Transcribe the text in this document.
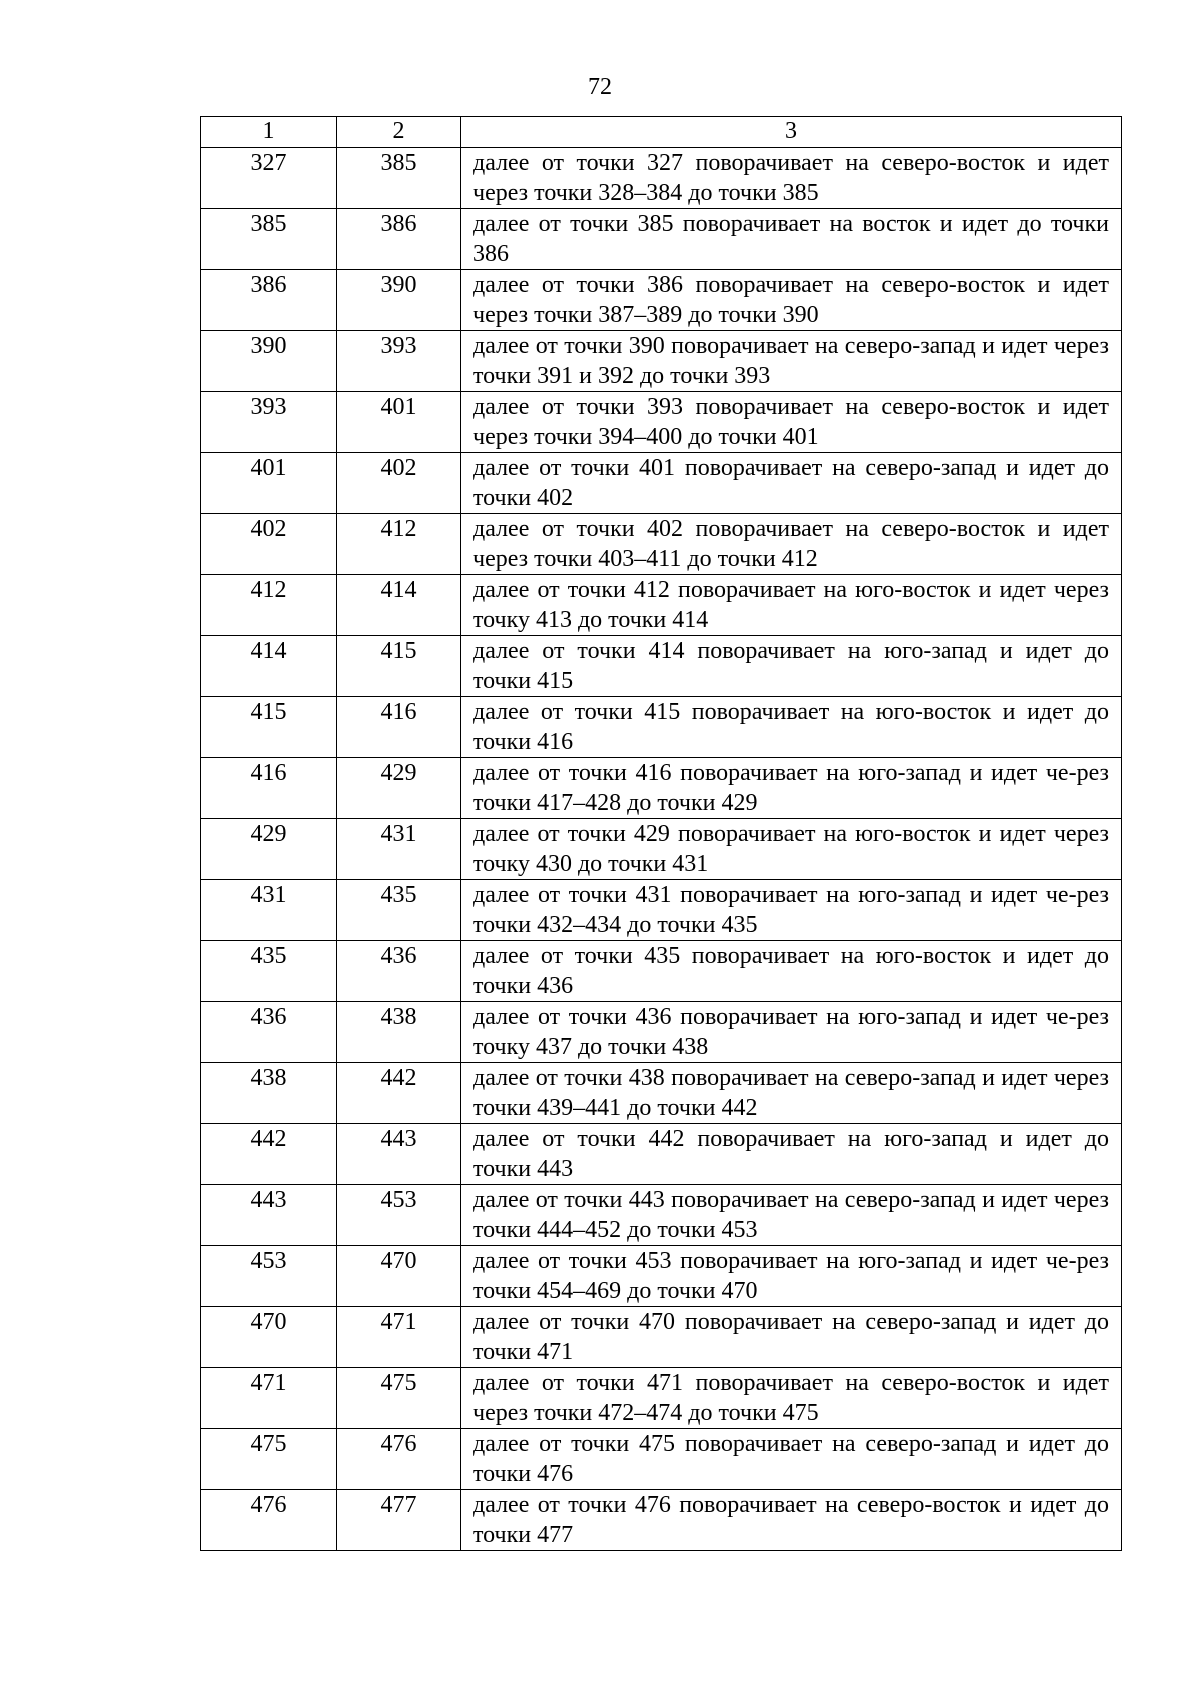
72
1	2	3
327	385	далее от точки 327 поворачивает на северо-восток и идет через точки 328–384 до точки 385
385	386	далее от точки 385 поворачивает на восток и идет до точки 386
386	390	далее от точки 386 поворачивает на северо-восток и идет через точки 387–389 до точки 390
390	393	далее от точки 390 поворачивает на северо-запад и идет через точки 391 и 392 до точки 393
393	401	далее от точки 393 поворачивает на северо-восток и идет через точки 394–400 до точки 401
401	402	далее от точки 401 поворачивает на северо-запад и идет до точки 402
402	412	далее от точки 402 поворачивает на северо-восток и идет через точки 403–411 до точки 412
412	414	далее от точки 412 поворачивает на юго-восток и идет через точку 413 до точки 414
414	415	далее от точки 414 поворачивает на юго-запад и идет до точки 415
415	416	далее от точки 415 поворачивает на юго-восток и идет до точки 416
416	429	далее от точки 416 поворачивает на юго-запад и идет че-рез точки 417–428 до точки 429
429	431	далее от точки 429 поворачивает на юго-восток и идет через точку 430 до точки 431
431	435	далее от точки 431 поворачивает на юго-запад и идет че-рез точки 432–434 до точки 435
435	436	далее от точки 435 поворачивает на юго-восток и идет до точки 436
436	438	далее от точки 436 поворачивает на юго-запад и идет че-рез точку 437 до точки 438
438	442	далее от точки 438 поворачивает на северо-запад и идет через точки 439–441 до точки 442
442	443	далее от точки 442 поворачивает на юго-запад и идет до точки 443
443	453	далее от точки 443 поворачивает на северо-запад и идет через точки 444–452 до точки 453
453	470	далее от точки 453 поворачивает на юго-запад и идет че-рез точки 454–469 до точки 470
470	471	далее от точки 470 поворачивает на северо-запад и идет до точки 471
471	475	далее от точки 471 поворачивает на северо-восток и идет через точки 472–474 до точки 475
475	476	далее от точки 475 поворачивает на северо-запад и идет до точки 476
476	477	далее от точки 476 поворачивает на северо-восток и идет до точки 477
